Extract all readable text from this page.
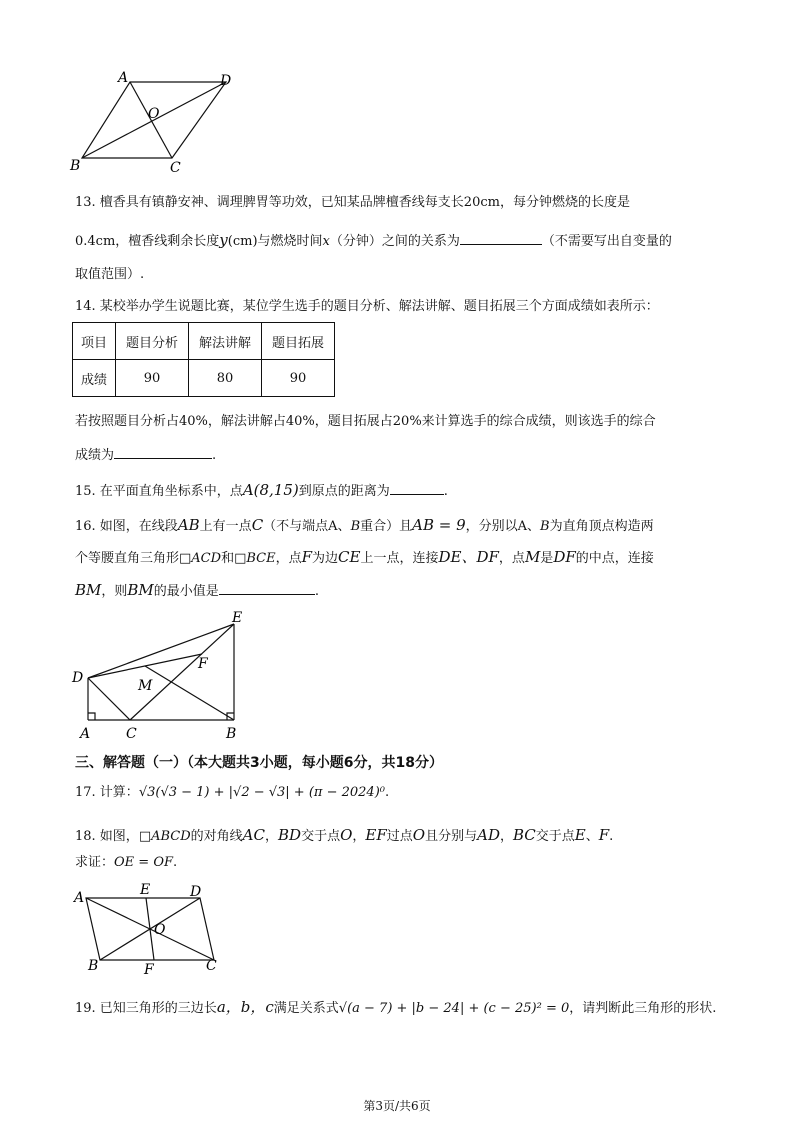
A	D
O
B	C
13. 檀香具有镇静安神、调理脾胃等功效，已知某品牌檀香线每支长20cm，每分钟燃烧的长度是
0.4cm，檀香线剩余长度y(cm)与燃烧时间x（分钟）之间的关系为	（不需要写出自变量的
取值范围）.
14. 某校举办学生说题比赛，某位学生选手的题目分析、解法讲解、题目拓展三个方面成绩如表所示：
项目	题目分析	解法讲解	题目拓展
成绩	90	80	90
若按照题目分析占40%，解法讲解占40%，题目拓展占20%来计算选手的综合成绩，则该选手的综合
成绩为	.
15. 在平面直角坐标系中，点A(8,15)到原点的距离为	.
16. 如图，在线段AB上有一点C（不与端点A、B重合）且AB = 9，分别以A、B为直角顶点构造两
个等腰直角三角形□ACD和□BCE，点F为边CE上一点，连接DE、DF，点M是DF的中点，连接
BM，则BM的最小值是	.
E
D
F
M
A	C	B
三、解答题（一）（本大题共3小题，每小题6分，共18分）
17. 计算：√3(√3 − 1) + |√2 − √3| + (π − 2024)⁰.
18. 如图，□ABCD的对角线AC，BD交于点O，EF过点O且分别与AD，BC交于点E、F.
求证：OE = OF.
A	E	D
O
B	F	C
19. 已知三角形的三边长a，b，c满足关系式√(a − 7) + |b − 24| + (c − 25)² = 0，请判断此三角形的形状.
第3页/共6页
